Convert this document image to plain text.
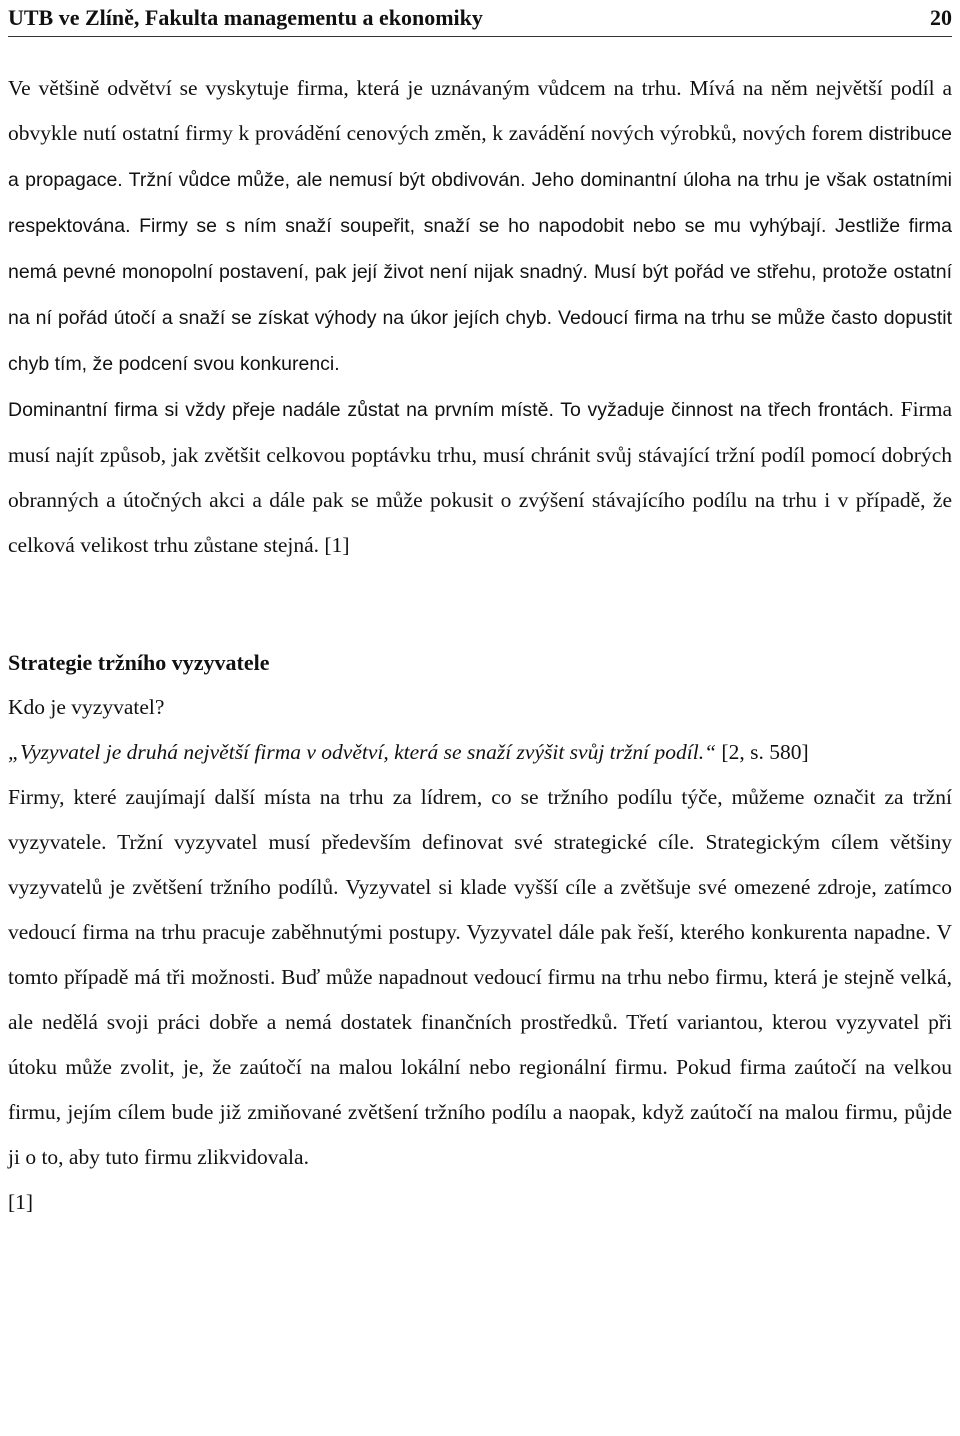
UTB ve Zlíně, Fakulta managementu a ekonomiky	20

Ve většině odvětví se vyskytuje firma, která je uznávaným vůdcem na trhu. Mívá na něm největší podíl a obvykle nutí ostatní firmy k provádění cenových změn, k zavádění nových výrobků, nových forem distribuce a propagace. Tržní vůdce může, ale nemusí být obdivován. Jeho dominantní úloha na trhu je však ostatními respektována. Firmy se s ním snaží soupeřit, snaží se ho napodobit nebo se mu vyhýbají. Jestliže firma nemá pevné monopolní postavení, pak její život není nijak snadný. Musí být pořád ve střehu, protože ostatní na ní pořád útočí a snaží se získat výhody na úkor jejích chyb. Vedoucí firma na trhu se může často dopustit chyb tím, že podcení svou konkurenci.

Dominantní firma si vždy přeje nadále zůstat na prvním místě. To vyžaduje činnost na třech frontách. Firma musí najít způsob, jak zvětšit celkovou poptávku trhu, musí chránit svůj stávající tržní podíl pomocí dobrých obranných a útočných akci a dále pak se může pokusit o zvýšení stávajícího podílu na trhu i v případě, že celková velikost trhu zůstane stejná. [1]

Strategie tržního vyzyvatele

Kdo je vyzyvatel?

„Vyzyvatel je druhá největší firma v odvětví, která se snaží zvýšit svůj tržní podíl.“ [2, s. 580]

Firmy, které zaujímají další místa na trhu za lídrem, co se tržního podílu týče, můžeme označit za tržní vyzyvatele. Tržní vyzyvatel musí především definovat své strategické cíle. Strategickým cílem většiny vyzyvatelů je zvětšení tržního podílů. Vyzyvatel si klade vyšší cíle a zvětšuje své omezené zdroje, zatímco vedoucí firma na trhu pracuje zaběhnutými postupy. Vyzyvatel dále pak řeší, kterého konkurenta napadne. V tomto případě má tři možnosti. Buď může napadnout vedoucí firmu na trhu nebo firmu, která je stejně velká, ale nedělá svoji práci dobře a nemá dostatek finančních prostředků. Třetí variantou, kterou vyzyvatel při útoku může zvolit, je, že zaútočí na malou lokální nebo regionální firmu. Pokud firma zaútočí na velkou firmu, jejím cílem bude již zmiňované zvětšení tržního podílu a naopak, když zaútočí na malou firmu, půjde ji o to, aby tuto firmu zlikvidovala.

[1]
